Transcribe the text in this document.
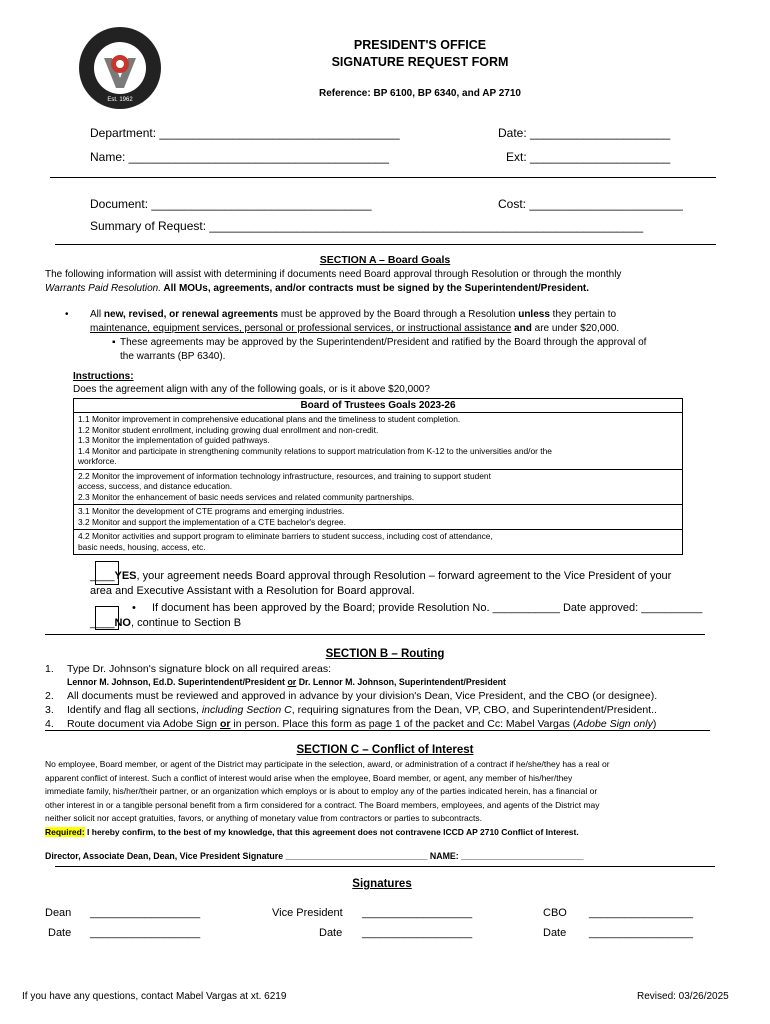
Est. 1962
PRESIDENT'S OFFICE
SIGNATURE REQUEST FORM
Reference: BP 6100, BP 6340, and AP 2710
Department: ____________________________________	Date: _____________________
Name: _______________________________________	Ext: _____________________
Document: _________________________________	Cost: _______________________
Summary of Request: _________________________________________________________________
SECTION A – Board Goals
The following information will assist with determining if documents need Board approval through Resolution or through the monthly
Warrants Paid Resolution. All MOUs, agreements, and/or contracts must be signed by the Superintendent/President.
• All new, revised, or renewal agreements must be approved by the Board through a Resolution unless they pertain to
maintenance, equipment services, personal or professional services, or instructional assistance and are under $20,000.
▪ These agreements may be approved by the Superintendent/President and ratified by the Board through the approval of
the warrants (BP 6340).
Instructions:
Does the agreement align with any of the following goals, or is it above $20,000?
Board of Trustees Goals 2023-26

1.1 Monitor improvement in comprehensive educational plans and the timeliness to student completion.
1.2 Monitor student enrollment, including growing dual enrollment and non-credit.
1.3 Monitor the implementation of guided pathways.
1.4 Monitor and participate in strengthening community relations to support matriculation from K-12 to the universities and/or the
workforce.

2.2 Monitor the improvement of information technology infrastructure, resources, and training to support student
access, success, and distance education.
2.3 Monitor the enhancement of basic needs services and related community partnerships.

3.1 Monitor the development of CTE programs and emerging industries.
3.2 Monitor and support the implementation of a CTE bachelor's degree.

4.2 Monitor activities and support program to eliminate barriers to student success, including cost of attendance,
basic needs, housing, access, etc.
____YES, your agreement needs Board approval through Resolution – forward agreement to the Vice President of your
area and Executive Assistant with a Resolution for Board approval.
• If document has been approved by the Board; provide Resolution No. ___________ Date approved: __________
____NO, continue to Section B
SECTION B – Routing
1. Type Dr. Johnson's signature block on all required areas:
Lennor M. Johnson, Ed.D. Superintendent/President or Dr. Lennor M. Johnson, Superintendent/President
2. All documents must be reviewed and approved in advance by your division's Dean, Vice President, and the CBO (or designee).
3. Identify and flag all sections, including Section C, requiring signatures from the Dean, VP, CBO, and Superintendent/President..
4. Route document via Adobe Sign or in person. Place this form as page 1 of the packet and Cc: Mabel Vargas (Adobe Sign only)
SECTION C – Conflict of Interest
No employee, Board member, or agent of the District may participate in the selection, award, or administration of a contract if he/she/they has a real or
apparent conflict of interest. Such a conflict of interest would arise when the employee, Board member, or agent, any member of his/her/they
immediate family, his/her/their partner, or an organization which employs or is about to employ any of the parties indicated herein, has a financial or
other interest in or a tangible personal benefit from a firm considered for a contract. The Board members, employees, and agents of the District may
neither solicit nor accept gratuities, favors, or anything of monetary value from contractors or parties to subcontracts.
Required: I hereby confirm, to the best of my knowledge, that this agreement does not contravene ICCD AP 2710 Conflict of Interest.
Director, Associate Dean, Dean, Vice President Signature _____________________________ NAME: _________________________
Signatures
Dean __________________	Vice President __________________	CBO _________________
Date __________________	Date __________________	Date _________________
If you have any questions, contact Mabel Vargas at xt. 6219	Revised: 03/26/2025
